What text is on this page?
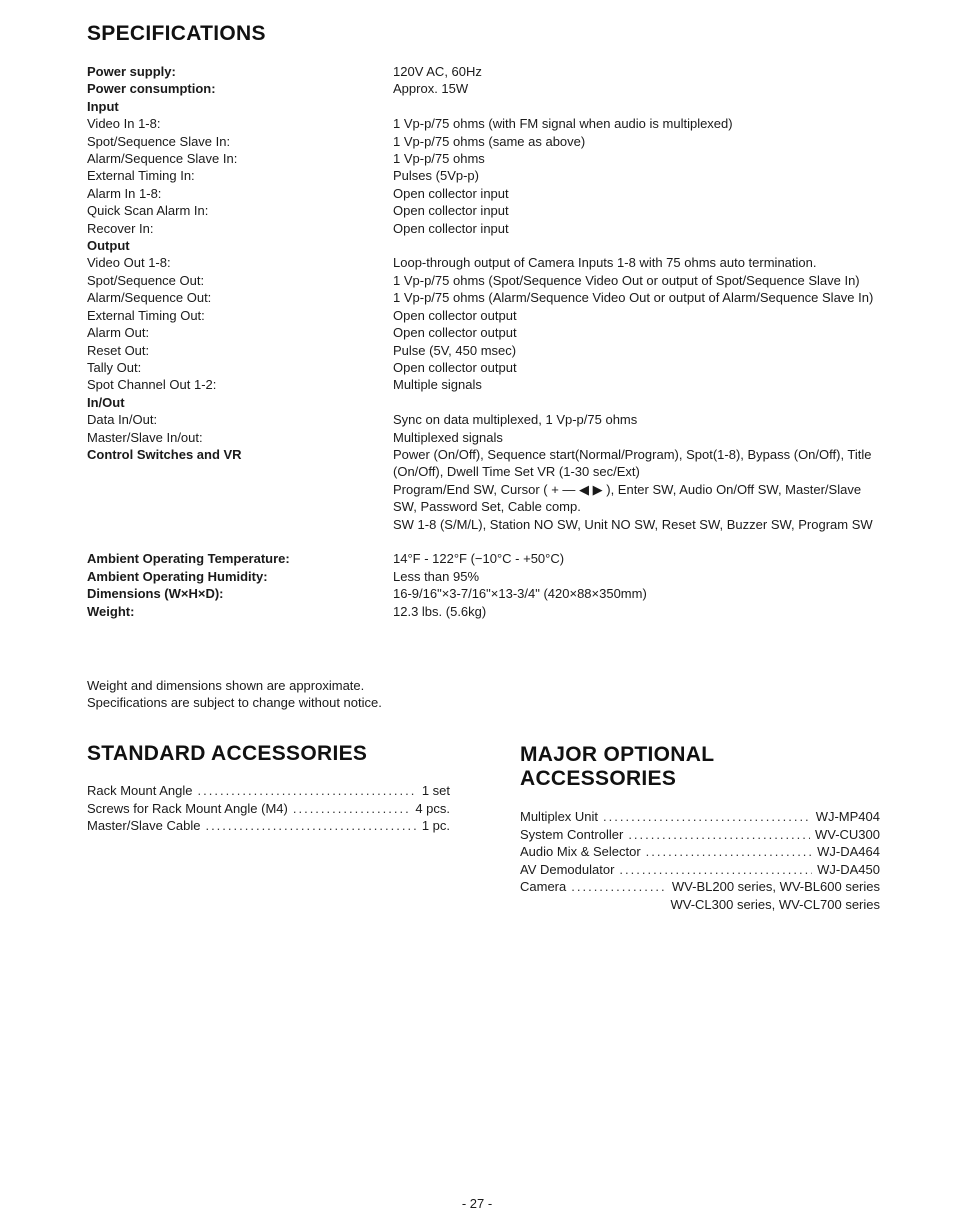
SPECIFICATIONS
Power supply:	120V AC, 60Hz
Power consumption:	Approx. 15W
Input

Video In 1-8:	1 Vp-p/75 ohms (with FM signal when audio is multiplexed)
Spot/Sequence Slave In:	1 Vp-p/75 ohms (same as above)
Alarm/Sequence Slave In:	1 Vp-p/75 ohms
External Timing In:	Pulses (5Vp-p)
Alarm In 1-8:	Open collector input
Quick Scan Alarm In:	Open collector input
Recover In:	Open collector input
Output

Video Out 1-8:	Loop-through output of Camera Inputs 1-8 with 75 ohms auto termination.
Spot/Sequence Out:	1 Vp-p/75 ohms (Spot/Sequence Video Out or output of Spot/Sequence Slave In)
Alarm/Sequence Out:	1 Vp-p/75 ohms (Alarm/Sequence Video Out or output of Alarm/Sequence Slave In)
External Timing Out:	Open collector output
Alarm Out:	Open collector output
Reset Out:	Pulse (5V, 450 msec)
Tally Out:	Open collector output
Spot Channel Out 1-2:	Multiple signals
In/Out

Data In/Out:	Sync on data multiplexed, 1 Vp-p/75 ohms
Master/Slave In/out:	Multiplexed signals
Control Switches and VR	Power (On/Off), Sequence start(Normal/Program), Spot(1-8), Bypass (On/Off), Title (On/Off), Dwell Time Set VR (1-30 sec/Ext)
Program/End SW, Cursor ( + — ◀ ▶ ), Enter SW, Audio On/Off SW, Master/Slave SW, Password Set, Cable comp.
SW 1-8 (S/M/L), Station NO SW, Unit NO SW, Reset SW, Buzzer SW, Program SW
Ambient Operating Temperature:	14°F - 122°F (−10°C - +50°C)
Ambient Operating Humidity:	Less than 95%
Dimensions (W×H×D):	16-9/16"×3-7/16"×13-3/4" (420×88×350mm)
Weight:	12.3 lbs. (5.6kg)
Weight and dimensions shown are approximate.
Specifications are subject to change without notice.
STANDARD ACCESSORIES
Rack Mount Angle .....	1 set
Screws for Rack Mount Angle (M4) .....	4 pcs.
Master/Slave Cable .....	1 pc.
MAJOR OPTIONAL ACCESSORIES
Multiplex Unit .....	WJ-MP404
System Controller .....	WV-CU300
Audio Mix & Selector .....	WJ-DA464
AV Demodulator .....	WJ-DA450
Camera .....	WV-BL200 series, WV-BL600 series
WV-CL300 series, WV-CL700 series
- 27 -
